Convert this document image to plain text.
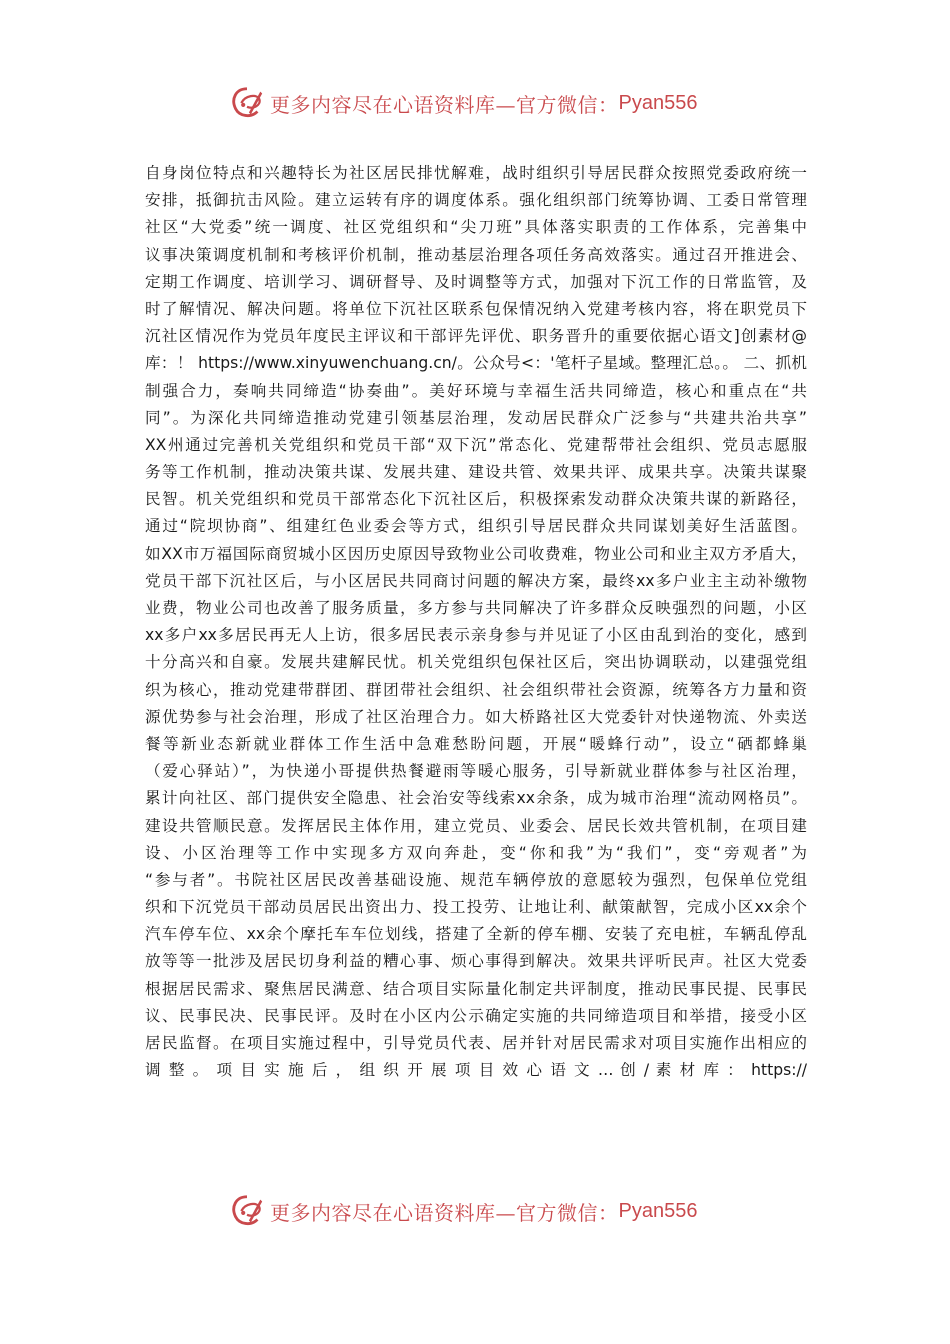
更多内容尽在心语资料库—官方微信： Pyan556
自身岗位特点和兴趣特长为社区居民排忧解难，战时组织引导居民群众按照党委政府统一
安排，抵御抗击风险。建立运转有序的调度体系。强化组织部门统筹协调、工委日常管理
社区“大党委”统一调度、社区党组织和“尖刀班”具体落实职责的工作体系，完善集中
议事决策调度机制和考核评价机制，推动基层治理各项任务高效落实。通过召开推进会、
定期工作调度、培训学习、调研督导、及时调整等方式，加强对下沉工作的日常监管，及
时了解情况、解决问题。将单位下沉社区联系包保情况纳入党建考核内容，将在职党员下
沉社区情况作为党员年度民主评议和干部评先评优、职务晋升的重要依据心语文]创素材@
库：！ https://www.xinyuwenchuang.cn/。公众号<：'笔杆子星域。整理汇总。。 二、抓机
制强合力，奏响共同缔造“协奏曲”。美好环境与幸福生活共同缔造，核心和重点在“共
同”。为深化共同缔造推动党建引领基层治理，发动居民群众广泛参与“共建共治共享”
XX州通过完善机关党组织和党员干部“双下沉”常态化、党建帮带社会组织、党员志愿服
务等工作机制，推动决策共谋、发展共建、建设共管、效果共评、成果共享。决策共谋聚
民智。机关党组织和党员干部常态化下沉社区后，积极探索发动群众决策共谋的新路径，
通过“院坝协商”、组建红色业委会等方式，组织引导居民群众共同谋划美好生活蓝图。
如XX市万福国际商贸城小区因历史原因导致物业公司收费难，物业公司和业主双方矛盾大，
党员干部下沉社区后，与小区居民共同商讨问题的解决方案，最终xx多户业主主动补缴物
业费，物业公司也改善了服务质量，多方参与共同解决了许多群众反映强烈的问题，小区
xx多户xx多居民再无人上访，很多居民表示亲身参与并见证了小区由乱到治的变化，感到
十分高兴和自豪。发展共建解民忧。机关党组织包保社区后，突出协调联动，以建强党组
织为核心，推动党建带群团、群团带社会组织、社会组织带社会资源，统筹各方力量和资
源优势参与社会治理，形成了社区治理合力。如大桥路社区大党委针对快递物流、外卖送
餐等新业态新就业群体工作生活中急难愁盼问题，开展“暖蜂行动”，设立“硒都蜂巢
（爱心驿站）”，为快递小哥提供热餐避雨等暖心服务，引导新就业群体参与社区治理，
累计向社区、部门提供安全隐患、社会治安等线索xx余条，成为城市治理“流动网格员”。
建设共管顺民意。发挥居民主体作用，建立党员、业委会、居民长效共管机制，在项目建
设、小区治理等工作中实现多方双向奔赴，变“你和我”为“我们”，变“旁观者”为
“参与者”。书院社区居民改善基础设施、规范车辆停放的意愿较为强烈，包保单位党组
织和下沉党员干部动员居民出资出力、投工投劳、让地让利、献策献智，完成小区xx余个
汽车停车位、xx余个摩托车车位划线，搭建了全新的停车棚、安装了充电桩，车辆乱停乱
放等等一批涉及居民切身利益的糟心事、烦心事得到解决。效果共评听民声。社区大党委
根据居民需求、聚焦居民满意、结合项目实际量化制定共评制度，推动民事民提、民事民
议、民事民决、民事民评。及时在小区内公示确定实施的共同缔造项目和举措，接受小区
居民监督。在项目实施过程中，引导党员代表、居并针对居民需求对项目实施作出相应的
调 整 。 项 目 实 施 后 ， 组 织 开 展 项 目 效 心 语 文 … 创 / 素 材 库 ： https://
更多内容尽在心语资料库—官方微信： Pyan556
